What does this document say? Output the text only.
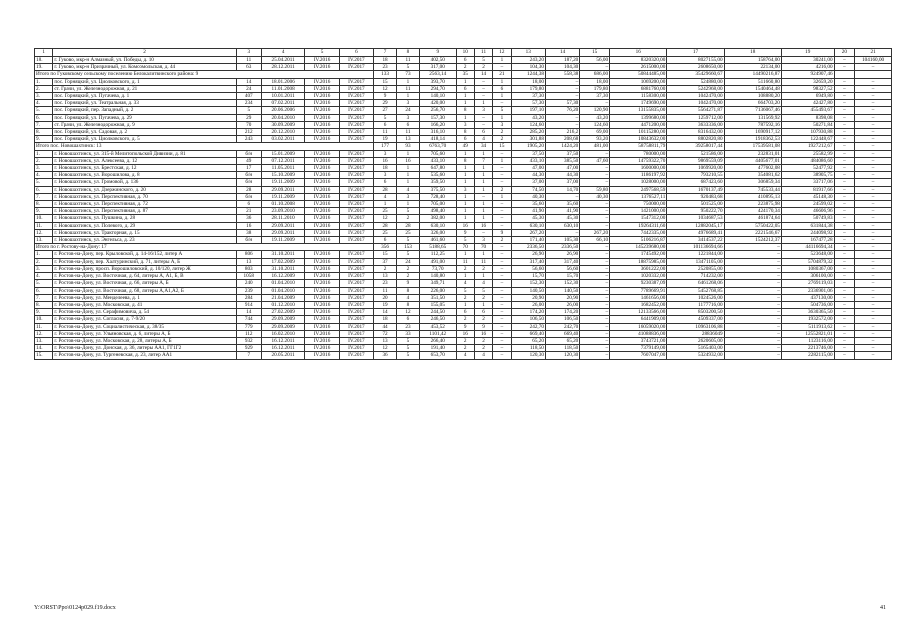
1	2	3	4	5	6	7	8	9	10	11	12	13	14	15	16	17	18	19	20	21
18.	г. Гуково, мкр-н Алмазный, ул. Победы, д. 10	11	25.04.2011	IV.2016	IV.2017	18	11	402,50	6	5	1	243,20	187,20	56,00	8320320,00	8027155,00	158764,00	30241,00	–	104160,00
19.	г. Гуково, мкр-н Призрачный, ул. Комсомольская, д. 44	63	28.12.2011	IV.2016	IV.2017	23	5	317,00	2	2	–	104,30	104,30	–	2615000,00	2608650,00	22134,00	4216,00	–	–
Итого по Гуковскому сельскому поселению Белокалитвинского района: 9						133	73	2563,14	35	14	21	1244,38	558,38	686,00	50844485,00	35429660,67	14490216,87	924907,46		
1.	пос. Горняцкий, ул. Циолковского, д. 1	14	18.01.2006	IV.2016	IV.2017	15	1	393,70	1	–	1	18,00	–	18,00	1069200,00	524880,00	511660,80	32659,20	–	–
2.	ст. Грачи, ул. Железнодорожная, д. 21	24	11.01.2008	IV.2016	IV.2017	12	11	294,70	6	–	6	179,80	–	179,80	6881760,00	5242968,00	1540464,48	98327,52	–	–
3.	пос. Горняцкий, ул. Пугачева, д. 1	407	10.01.2011	IV.2016	IV.2017	9	1	140,10	1	–	1	37,30	–	37,30	1158300,00	1042470,00	108880,20	6949,80	–	–
4.	пос. Горняцкий, ул. Театральная, д. 33	234	07.02.2011	IV.2016	IV.2017	29	3	420,00	1	1	–	57,30	57,30	–	1749690,00	1042470,00	664703,20	42427,80	–	–
5.	пос. Горняцкий, пер. Западный, д. 2	5	20.06.2006	IV.2016	IV.2017	27	24	256,70	8	3	5	197,10	76,20	120,90	13155835,00	5564271,87	7136067,46	455493,67	–	–
6.	пос. Горняцкий, ул. Пугачева, д. 29	29	20.04.2010	IV.2016	IV.2017	5	3	157,30	1	–	1	43,20	–	43,20	1399680,00	1259712,00	131569,92	8398,08	–	–
7.	ст. Грачи, ул. Железнодорожная, д. 9	70	30.09.2009	IV.2016	IV.2017	6	6	166,20	3	–	3	124,60	–	124,60	4471200,00	3633336,00	787592,16	50271,84	–	–
8.	пос. Горняцкий, ул. Садовая, д. 2	212	20.12.2010	IV.2016	IV.2017	11	11	316,10	8	6	2	285,20	216,2	69,00	10115280,00	8316432,00	1690917,12	107930,88	–	–
9.	пос. Горняцкий, ул. Циолковского, д. 5	243	03.02.2011	IV.2016	IV.2017	19	13	418,14	6	4	2	301,88	208,68	93,20	10843632,00	8802820,80	1918362,53	122448,67	–	–
Итого пос. Новошахтинск: 13						177	93	6763,70	49	34	15	1905,20	1424,20	481,00	58758811,79	39258017,44	17539581,08	1927212,67	–	–
1.	г. Новошахтинск, ул. 315-й Мелитопольской Дивизии, д. 81	б/н	15.01.2009	IV.2016	IV.2017	3	1	705,60	1	1	–	37,50	37,50	–	780000,00	521586,00	232831,01	25582,99	–	–
2.	г. Новошахтинск, ул. Алексеева, д. 12	49	07.12.2011	IV.2016	IV.2017	16	16	433,10	8	7	1	433,10	385,50	47,60	14759322,70	9869559,09	4405677,01	484086,60	–	–
3.	г. Новошахтинск, ул. Брестская, д. 12	17	11.05.2011	IV.2016	IV.2017	18	1	647,80	1	1	–	47,00	47,00	–	1600000,00	1069920,00	477602,08	52477,92	–	–
4.	г. Новошахтинск, ул. Ворошилова, д. 8	б/н	15.10.2009	IV.2016	IV.2017	3	1	535,60	1	1	–	44,30	44,30	–	1186197,92	793210,55	354081,62	38905,75	–	–
5.	г. Новошахтинск, ул. Громовой, д. 136	б/н	19.11.2009	IV.2016	IV.2017	6	1	359,50	1	1	–	37,00	37,00	–	1028000,00	687423,60	306859,34	33717,06	–	–
6.	г. Новошахтинск, ул. Дзержинского, д. 20	28	29.09.2011	IV.2016	IV.2017	28	4	375,50	3	1	2	74,50	14,70	59,80	2497568,59	1670137,49	745533,44	81917,66	–	–
7.	г. Новошахтинск, ул. Перспективная, д. 70	б/н	19.11.2009	IV.2016	IV.2017	4	3	728,40	1	–	1	40,30	–	40,30	1376527,11	920483,68	410895,13	45148,30	–	–
8.	г. Новошахтинск, ул. Перспективная, д. 72	6	01.10.2008	IV.2016	IV.2017	1	1	705,00	1	1	–	35,60	35,60	–	750000,00	501525,00	223875,98	24599,02	–	–
9.	г. Новошахтинск, ул. Перспективная, д. 87	21	23.09.2010	IV.2016	IV.2017	25	5	498,40	1	1	–	41,90	41,90	–	1421000,00	950222,70	424170,34	46606,96	–	–
10.	г. Новошахтинск, ул. Пушкина, д. 28	36	28.11.2010	IV.2016	IV.2017	12	2	382,00	1	1	–	45,30	45,30	–	1547312,00	1034687,53	461874,64	50749,83	–	–
11.	г. Новошахтинск, ул. Полевого, д. 29	16	29.09.2011	IV.2016	IV.2017	28	28	630,10	16	16	–	630,10	630,10	–	19264311,60	12882045,17	5750422,05	631844,38	–	–
12.	г. Новошахтинск, ул. Тракторная, д. 15	38	29.09.2011	IV.2016	IV.2017	25	25	326,00	9	–	9	267,20	–	267,20	7442335,00	4976689,41	2221546,67	244098,92	–	–
13.	г. Новошахтинск, ул. Энгельса, д. 23	б/н	19.11.2009	IV.2016	IV.2017	6	5	461,60	5	3	2	171,40	105,30	66,10	5106216,87	3414537,22	1524212,37	167477,28	–	–
Итого по г. Ростову-на-Дону: 17						356	153	5188,65	70	70	–	2336,50	2336,50	–	145239680,00	101136694,66	–	44116694,34	–	–
1.	г. Ростов-на-Дону, пер. Крыловской, д. 14-16/152, литер А	806	31.10.2011	IV.2016	IV.2017	15	5	112,25	1	1	–	26,90	26,90	–	1745492,00	1221844,00	–	523648,00	–	–
2.	г. Ростов-на-Дону, пер. Халтуринский, д. 71, литеры А, Б	13	17.02.2009	IV.2016	IV.2017	37	24	491,00	11	11	–	317,40	317,40	–	18875985,00	13471105,00	–	5704879,32	–	–
3.	г. Ростов-на-Дону, просп. Ворошиловский, д. 10/120, литер Ж	803	31.10.2011	IV.2016	IV.2017	2	2	73,70	2	2	–	56,60	56,60	–	3601222,00	2520855,00	–	1080367,00	–	–
4.	г. Ростов-на-Дону, ул. Восточная, д. 64, литеры А, А1, Б, В	1058	16.12.2009	IV.2016	IV.2017	13	2	140,80	1	1	–	15,70	15,70	–	1020332,00	714232,00	–	306100,00	–	–
5.	г. Ростов-на-Дону, ул. Восточная, д. 66, литеры А, Б	240	01.04.2010	IV.2016	IV.2017	23	9	349,71	4	4	–	152,30	152,30	–	9230387,09	6461268,06	–	2769119,03	–	–
6.	г. Ростов-на-Дону, ул. Восточная, д. 68, литеры А,А1,А2, Б	239	01.04.2010	IV.2016	IV.2017	11	8	226,00	5	5	–	140,50	140,50	–	7789669,91	5452768,85	–	2336901,06	–	–
7.	г. Ростов-на-Дону, ул. Менделеева, д. 1	284	21.04.2009	IV.2016	IV.2017	20	4	351,50	2	2	–	20,90	20,90	–	1461656,00	1024526,00	–	437130,00	–	–
8.	г. Ростов-на-Дону, ул. Московская, д. 41	914	01.12.2010	IV.2016	IV.2017	19	8	155,05	1	1	–	26,00	26,00	–	1682452,00	1177716,00	–	504736,00	–	–
9.	г. Ростов-на-Дону, ул. Серафимовича, д. 54	14	27.02.2009	IV.2016	IV.2017	14	12	244,50	6	6	–	174,20	174,20	–	12133566,00	8503200,50	–	3630365,50	–	–
10.	г. Ростов-на-Дону, ул. Согласия, д. 7-9/20	744	29.09.2009	IV.2016	IV.2017	18	6	246,50	2	2	–	106,50	106,50	–	6441909,00	4509337,00	–	1932572,00	–	–
11.	г. Ростов-на-Дону, ул. Социалистическая, д. 38/35	779	29.09.2009	IV.2016	IV.2017	44	23	453,52	9	9	–	242,70	242,70	–	16059020,00	10963106,88	–	5111913,62	–	–
12.	г. Ростов-на-Дону, ул. Ульяновская, д. 6, литеры А, Б	112	16.02.2010	IV.2016	IV.2017	72	33	1101,42	16	16	–	669,40	669,40	–	41088836,00	28836049	–	12552821,01	–	–
13.	г. Ростов-на-Дону, ул. Московская, д. 28, литеры А, Б	932	16.12.2011	IV.2016	IV.2017	13	5	266,40	2	2	–	65,20	65,20	–	3743721,00	2620605,00	–	1123116,00	–	–
14.	г. Ростов-на-Дону, ул. Донская, д. 36, литеры АА1, ГГ1Г2	929	16.12.2011	IV.2016	IV.2017	12	5	191,40	2	2	–	118,50	118,50	–	7379149,00	5165403,00	–	2213746,00	–	–
15.	г. Ростов-на-Дону, ул. Тургеневская, д. 23, литер АА1	7	20.05.2011	IV.2016	IV.2017	36	5	653,70	4	4	–	120,30	120,30	–	7607047,00	5324932,00	–	2282115,00	–	–
Y:\ORST\Ppo\0124p029.f19.docx	41
